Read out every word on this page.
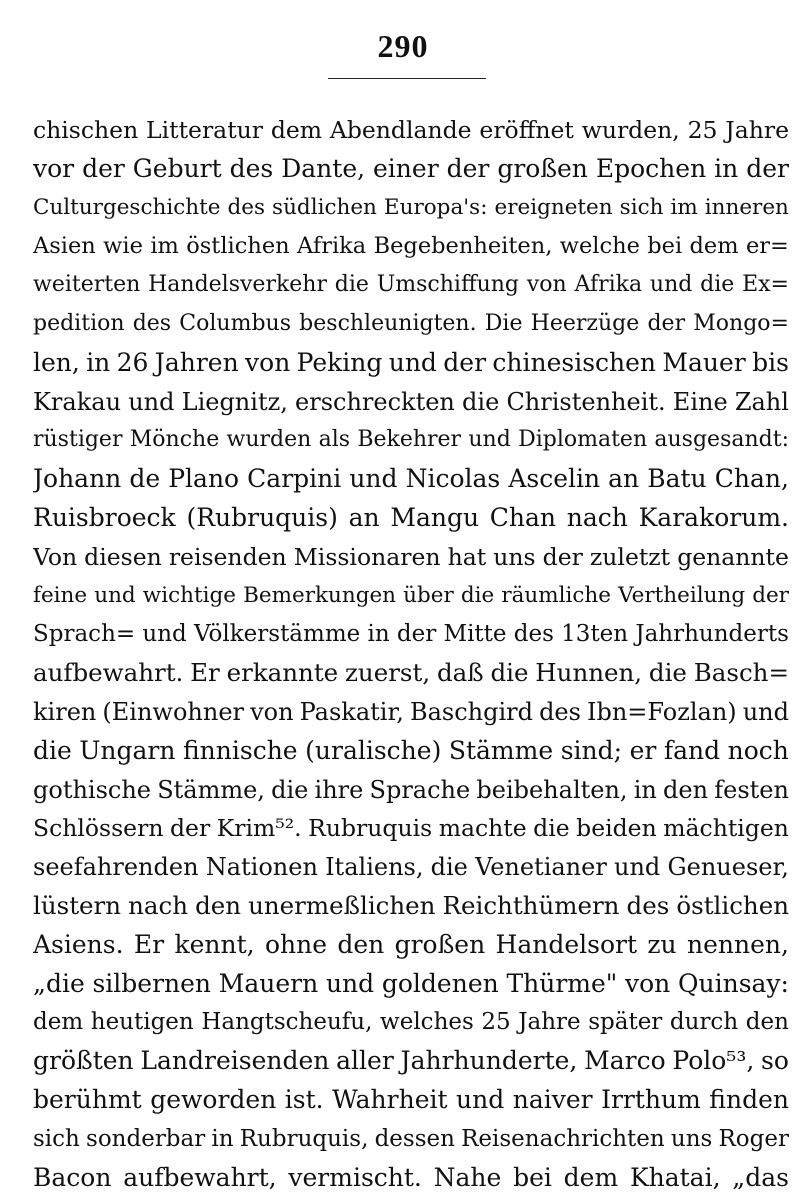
290
chischen Litteratur dem Abendlande eröffnet wurden, 25 Jahre
vor der Geburt des Dante, einer der großen Epochen in der
Culturgeschichte des südlichen Europa's: ereigneten sich im inneren
Asien wie im östlichen Afrika Begebenheiten, welche bei dem er=
weiterten Handelsverkehr die Umschiffung von Afrika und die Ex=
pedition des Columbus beschleunigten. Die Heerzüge der Mongo=
len, in 26 Jahren von Peking und der chinesischen Mauer bis
Krakau und Liegnitz, erschreckten die Christenheit. Eine Zahl
rüstiger Mönche wurden als Bekehrer und Diplomaten ausgesandt:
Johann de Plano Carpini und Nicolas Ascelin an Batu Chan,
Ruisbroeck (Rubruquis) an Mangu Chan nach Karakorum.
Von diesen reisenden Missionaren hat uns der zuletzt genannte
feine und wichtige Bemerkungen über die räumliche Vertheilung der
Sprach= und Völkerstämme in der Mitte des 13ten Jahrhunderts
aufbewahrt. Er erkannte zuerst, daß die Hunnen, die Basch=
kiren (Einwohner von Paskatir, Baschgird des Ibn=Fozlan) und
die Ungarn finnische (uralische) Stämme sind; er fand noch
gothische Stämme, die ihre Sprache beibehalten, in den festen
Schlössern der Krim⁵². Rubruquis machte die beiden mächtigen
seefahrenden Nationen Italiens, die Venetianer und Genueser,
lüstern nach den unermeßlichen Reichthümern des östlichen
Asiens. Er kennt, ohne den großen Handelsort zu nennen,
„die silbernen Mauern und goldenen Thürme" von Quinsay:
dem heutigen Hangtscheufu, welches 25 Jahre später durch den
größten Landreisenden aller Jahrhunderte, Marco Polo⁵³, so
berühmt geworden ist. Wahrheit und naiver Irrthum finden
sich sonderbar in Rubruquis, dessen Reisenachrichten uns Roger
Bacon aufbewahrt, vermischt. Nahe bei dem Khatai, „das
